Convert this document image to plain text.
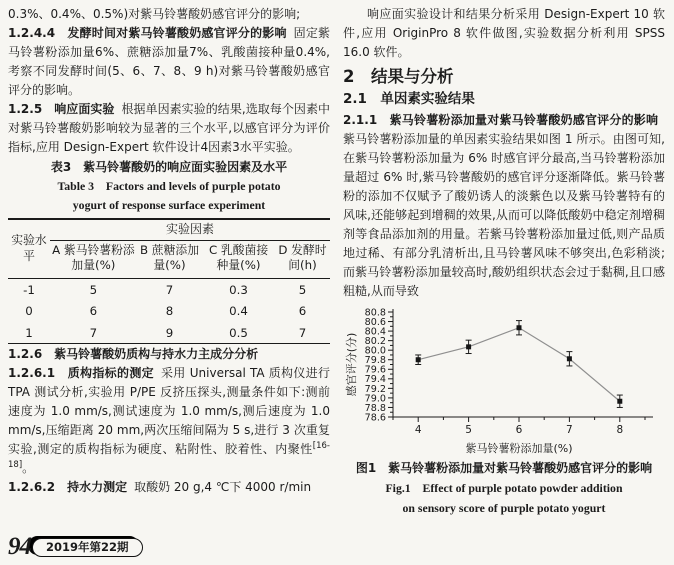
0.3%、0.4%、0.5%)对紫马铃薯酸奶感官评分的影响;

1.2.4.4　发酵时间对紫马铃薯酸奶感官评分的影响 固定紫马铃薯粉添加量6%、蔗糖添加量7%、乳酸菌接种量0.4%,考察不同发酵时间(5、6、7、8、9 h)对紫马铃薯酸奶感官评分的影响。

1.2.5　响应面实验 根据单因素实验的结果,选取每个因素中对紫马铃薯酸奶影响较为显著的三个水平,以感官评分为评价指标,应用 Design-Expert 软件设计4因素3水平实验。

表3　紫马铃薯酸奶的响应面实验因素及水平
Table 3　Factors and levels of purple potato
yogurt of response surface experiment
实验水平	实验因素			
	A 紫马铃薯粉添加量(%)	B 蔗糖添加量(%)	C 乳酸菌接种量(%)	D 发酵时间(h)
-1	5	7	0.3	5
0	6	8	0.4	6
1	7	9	0.5	7

1.2.6　紫马铃薯酸奶质构与持水力主成分分析

1.2.6.1　质构指标的测定 采用 Universal TA 质构仪进行 TPA 测试分析,实验用 P/PE 反挤压探头,测量条件如下:测前速度为 1.0 mm/s,测试速度为 1.0 mm/s,测后速度为 1.0 mm/s,压缩距离 20 mm,两次压缩间隔为 5 s,进行 3 次重复实验,测定的质构指标为硬度、粘附性、胶着性、内聚性[16-18]。

1.2.6.2　持水力测定 取酸奶 20 g,4 ℃下 4000 r/min

94	2019年第22期

响应面实验设计和结果分析采用 Design-Expert 10 软件,应用 OriginPro 8 软件做图,实验数据分析利用 SPSS 16.0 软件。

2　结果与分析
2.1　单因素实验结果

2.1.1　紫马铃薯粉添加量对紫马铃薯酸奶感官评分的影响紫马铃薯粉添加量的单因素实验结果如图 1 所示。由图可知,在紫马铃薯粉添加量为 6% 时感官评分最高,当马铃薯粉添加量超过 6% 时,紫马铃薯酸奶的感官评分逐渐降低。紫马铃薯粉的添加不仅赋予了酸奶诱人的淡紫色以及紫马铃薯特有的风味,还能够起到增稠的效果,从而可以降低酸奶中稳定剂增稠剂等食品添加剂的用量。若紫马铃薯粉添加量过低,则产品质地过稀、有部分乳清析出,且马铃薯风味不够突出,色彩稍淡;而紫马铃薯粉添加量较高时,酸奶组织状态会过于黏稠,且口感粗糙,从而导致

78.6
78.8
79.0
79.2
79.4
79.6
79.8
80.0
80.2
80.4
80.6
80.8
4	5	6	7	8
紫马铃薯粉添加量(%)
感官评分(分)
图1　紫马铃薯粉添加量对紫马铃薯酸奶感官评分的影响
Fig.1　Effect of purple potato powder addition
on sensory score of purple potato yogurt
